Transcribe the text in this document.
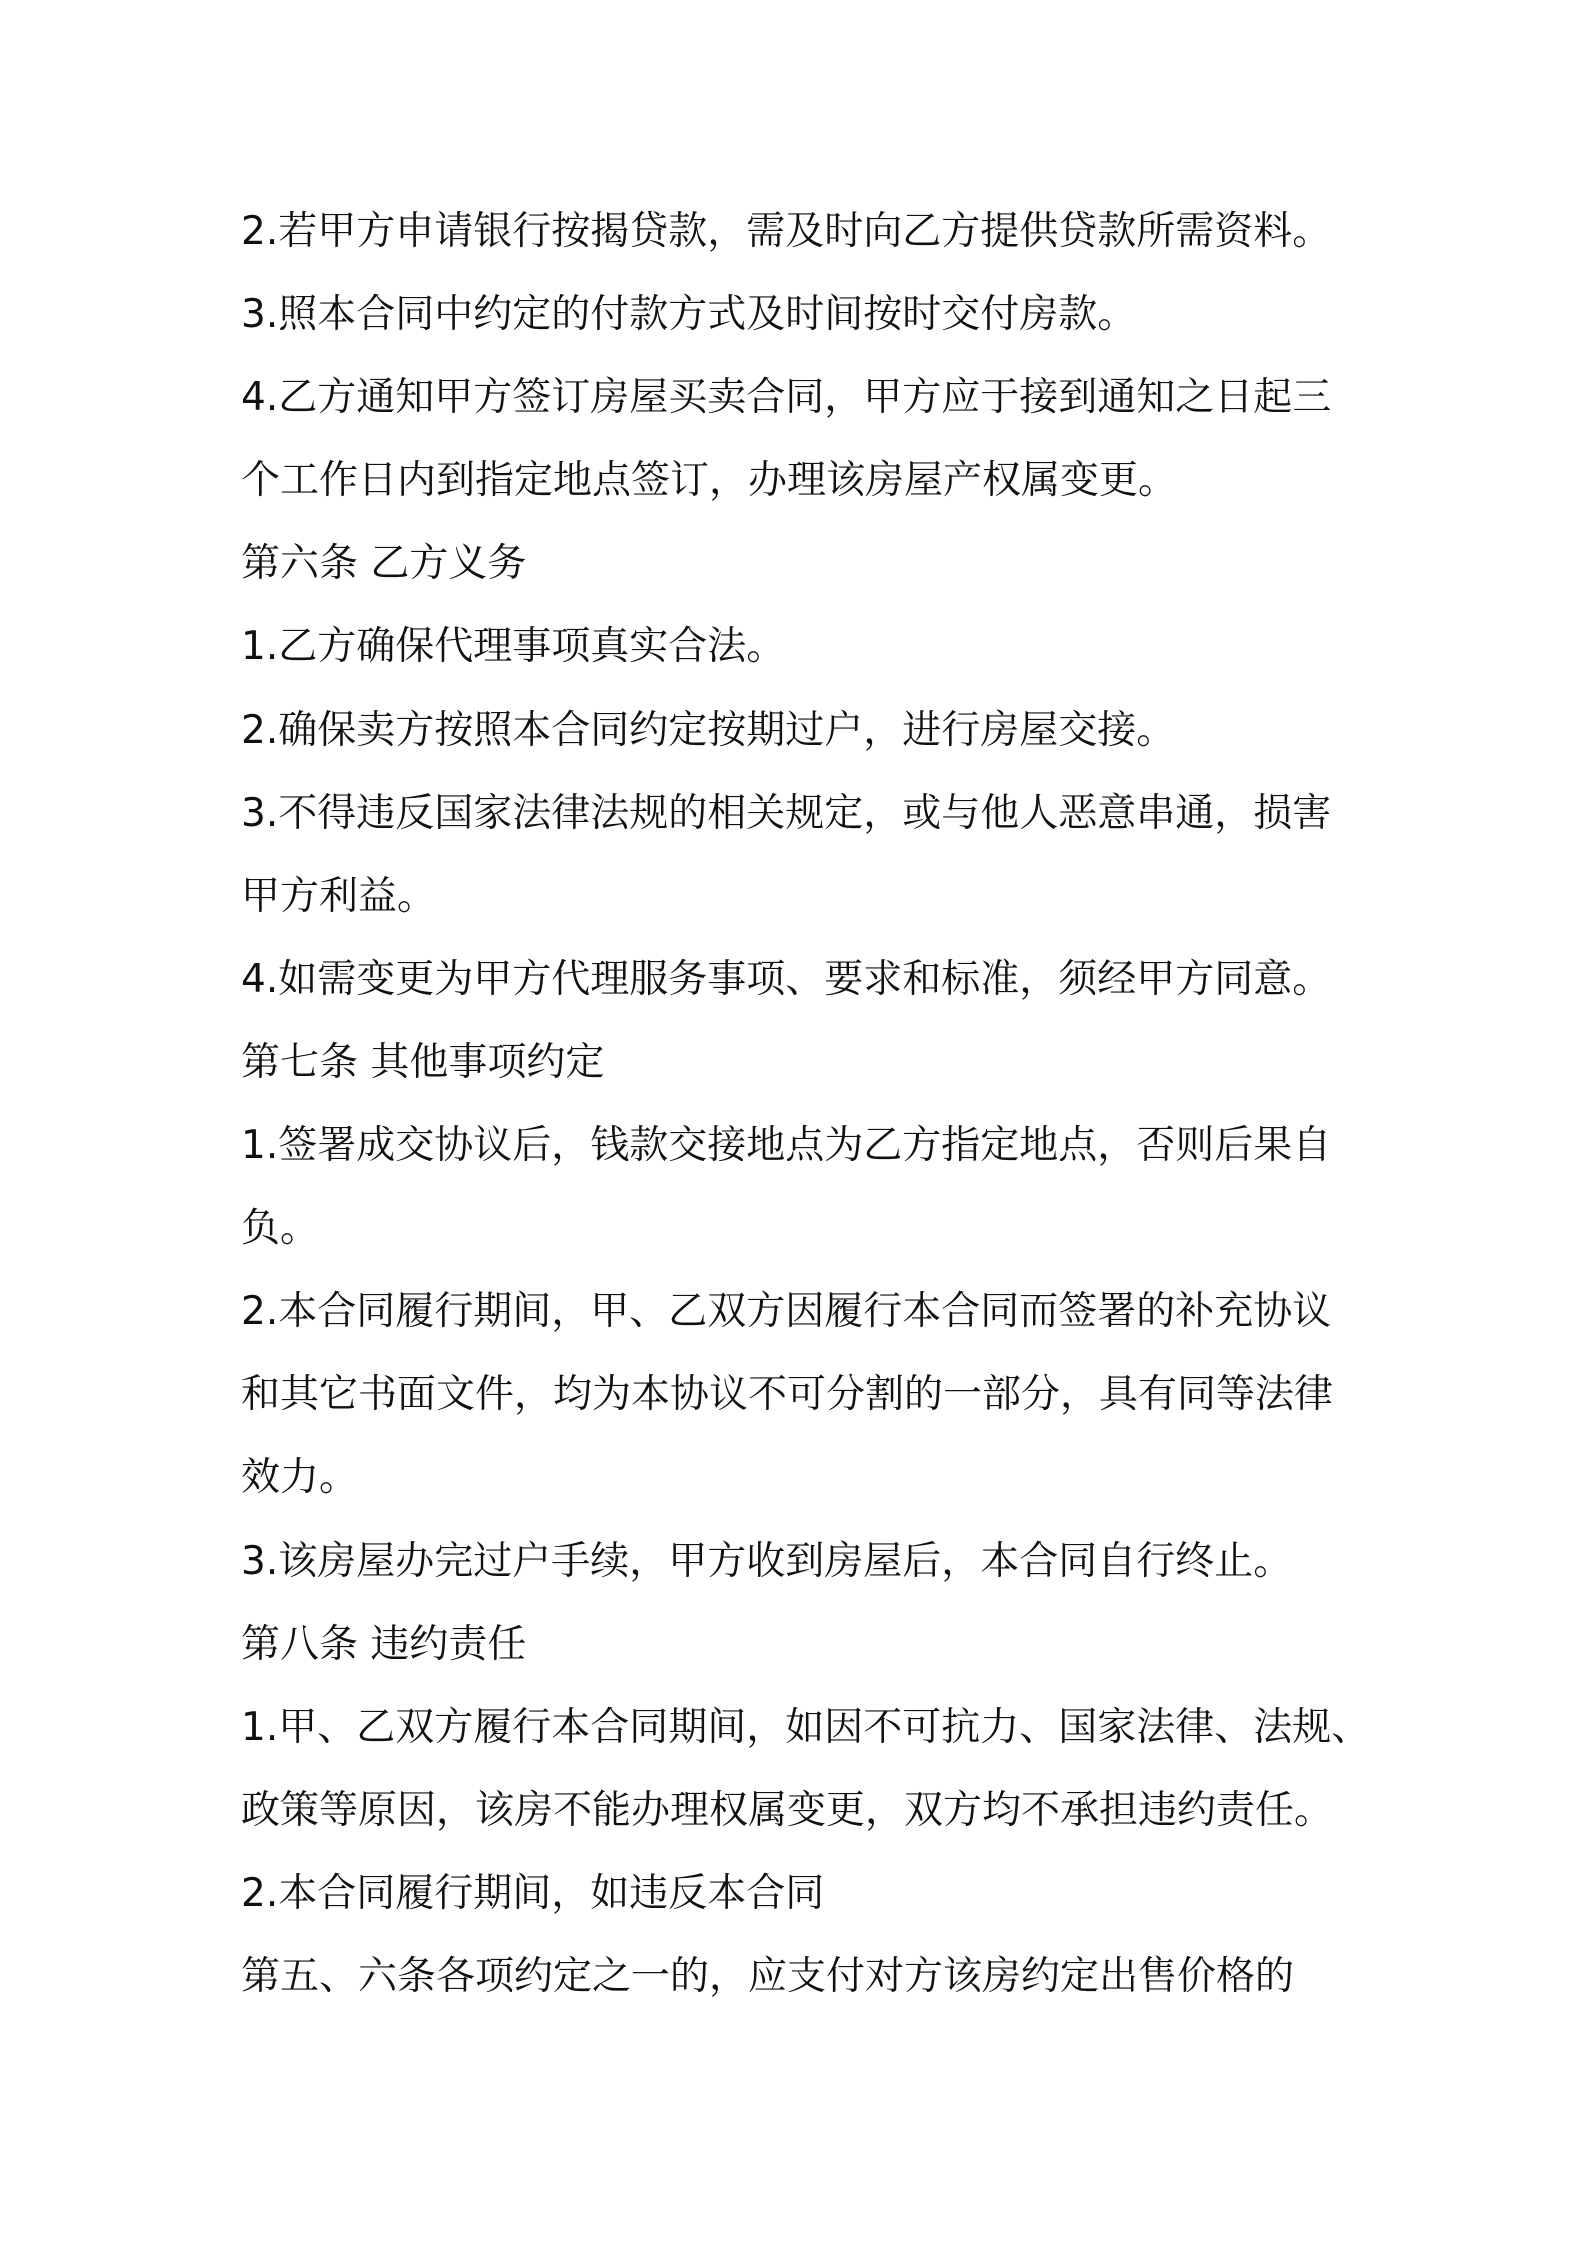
2.若甲方申请银行按揭贷款，需及时向乙方提供贷款所需资料。
3.照本合同中约定的付款方式及时间按时交付房款。
4.乙方通知甲方签订房屋买卖合同，甲方应于接到通知之日起三
个工作日内到指定地点签订，办理该房屋产权属变更。
第六条 乙方义务
1.乙方确保代理事项真实合法。
2.确保卖方按照本合同约定按期过户，进行房屋交接。
3.不得违反国家法律法规的相关规定，或与他人恶意串通，损害
甲方利益。
4.如需变更为甲方代理服务事项、要求和标准，须经甲方同意。
第七条 其他事项约定
1.签署成交协议后，钱款交接地点为乙方指定地点，否则后果自
负。
2.本合同履行期间，甲、乙双方因履行本合同而签署的补充协议
和其它书面文件，均为本协议不可分割的一部分，具有同等法律
效力。
3.该房屋办完过户手续，甲方收到房屋后，本合同自行终止。
第八条 违约责任
1.甲、乙双方履行本合同期间，如因不可抗力、国家法律、法规、
政策等原因，该房不能办理权属变更，双方均不承担违约责任。
2.本合同履行期间，如违反本合同
第五、六条各项约定之一的，应支付对方该房约定出售价格的
